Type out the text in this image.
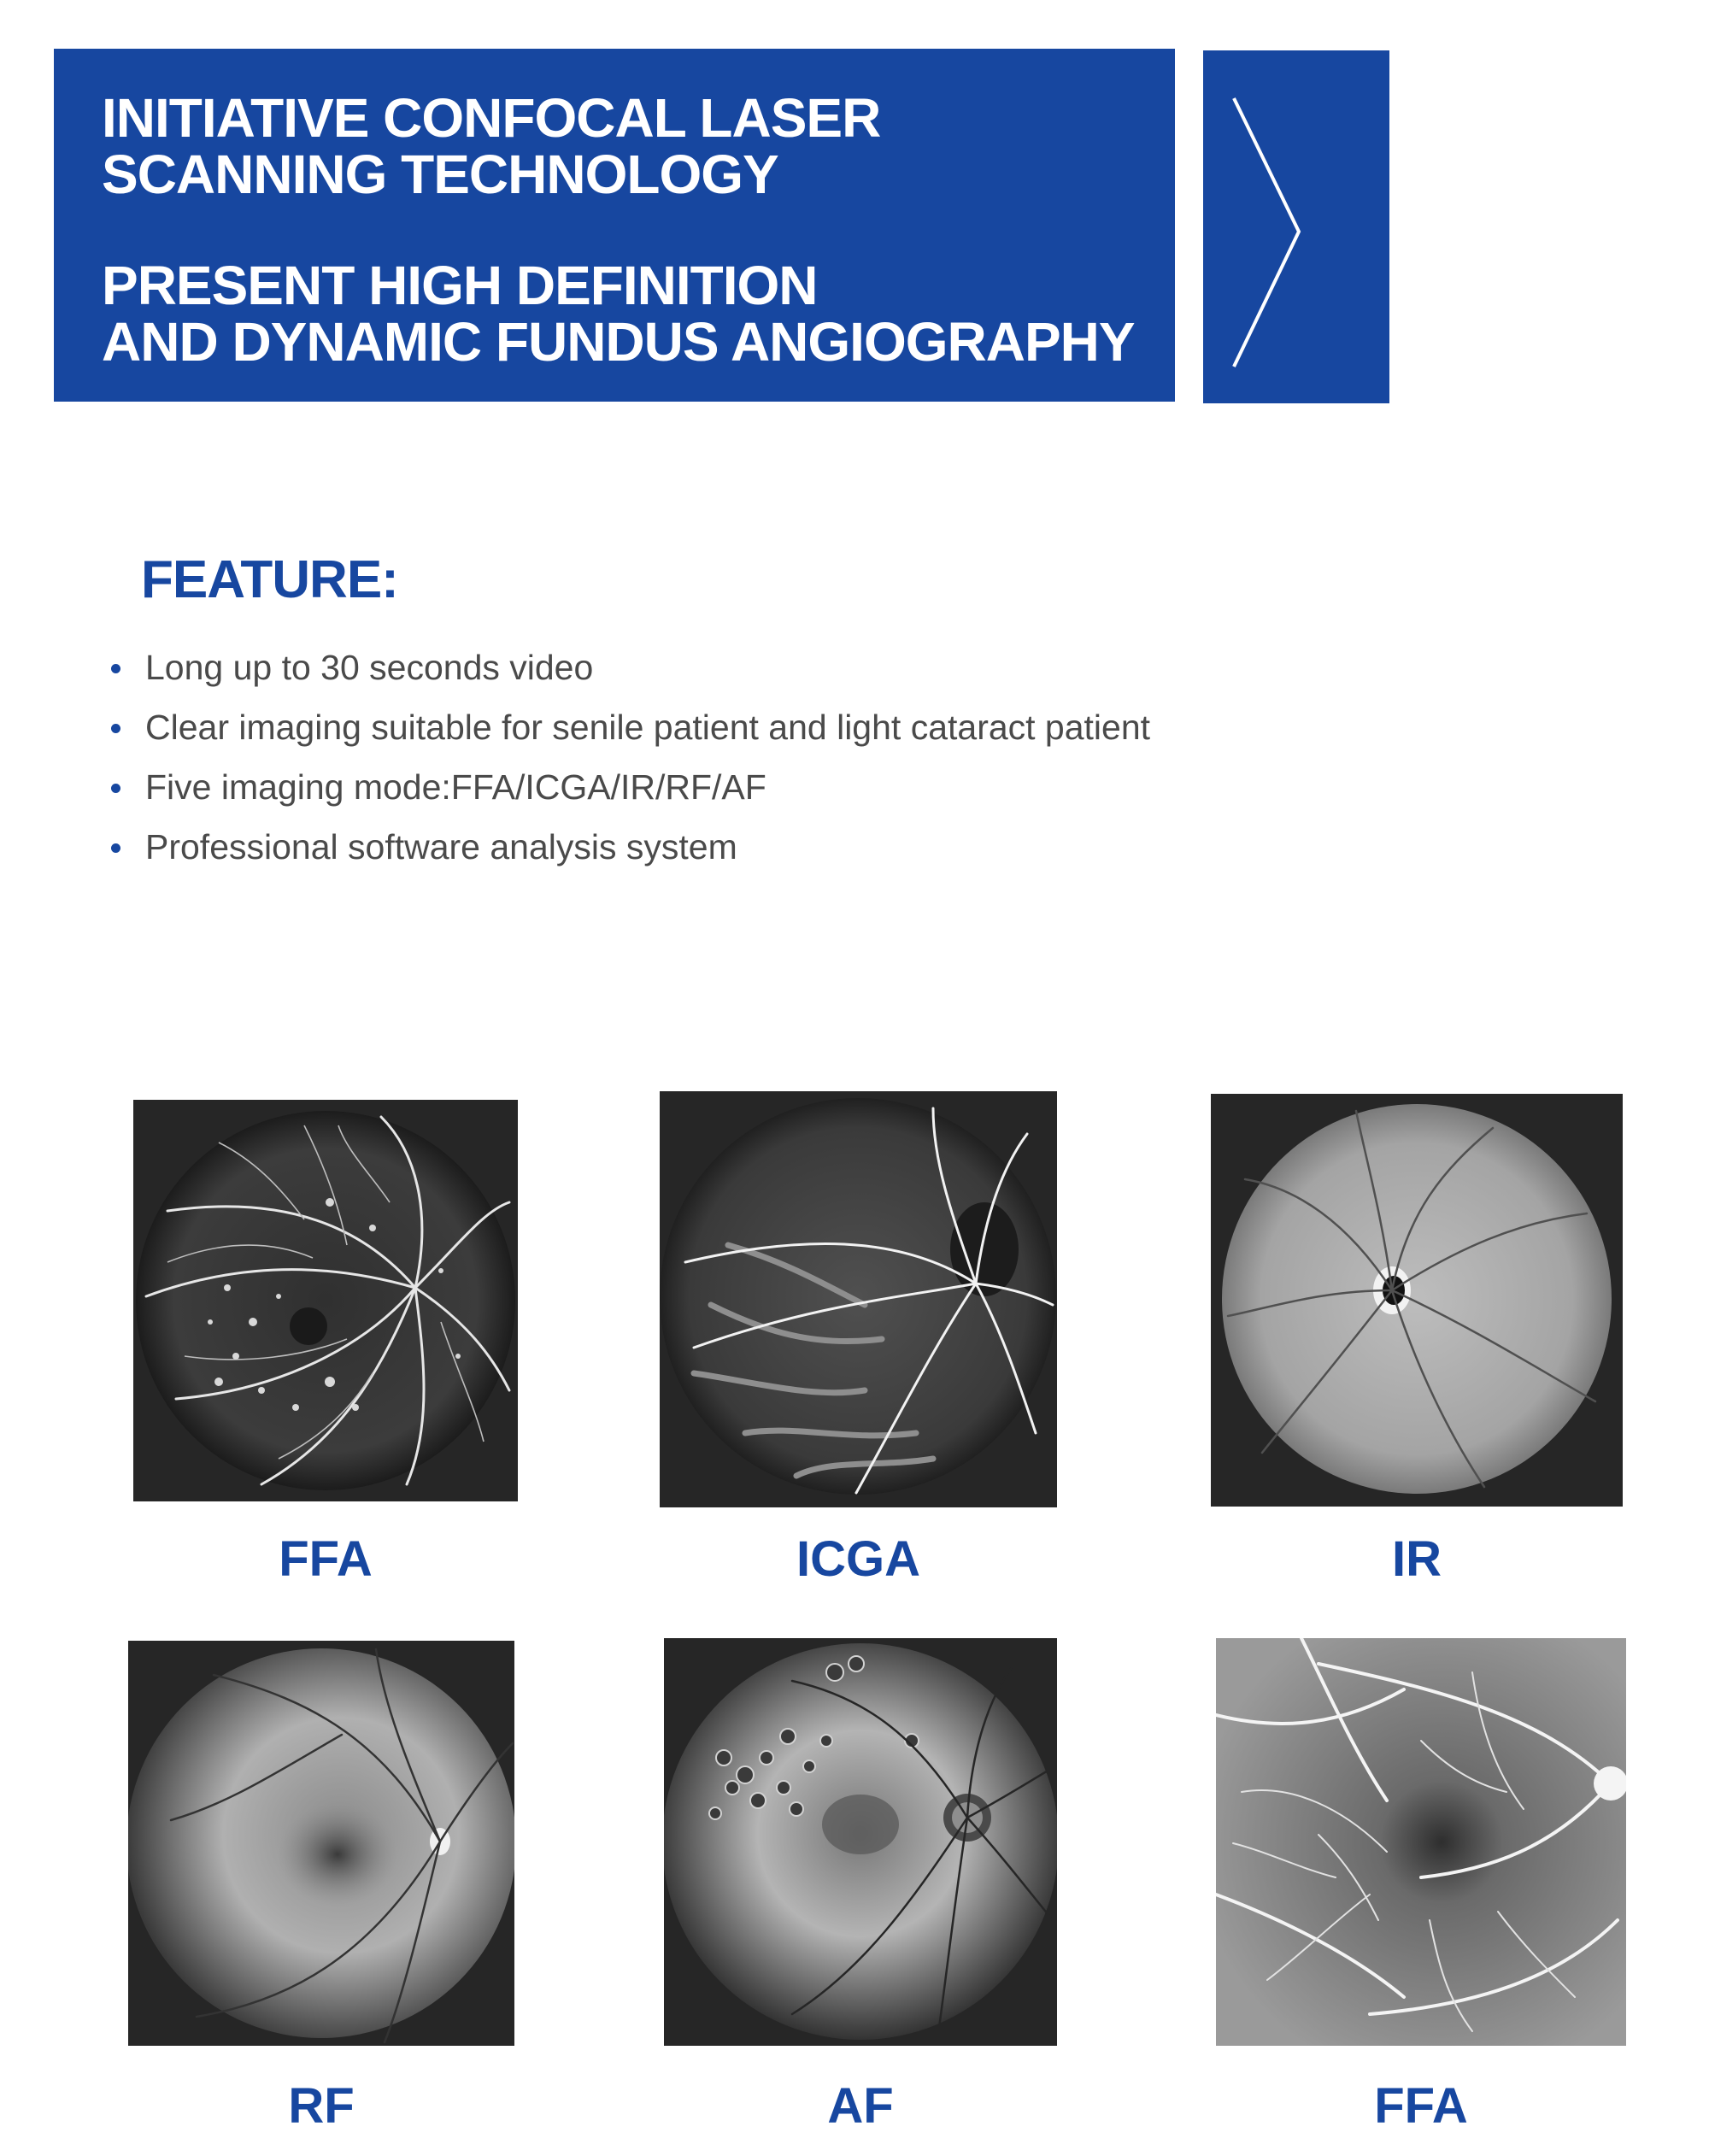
INITIATIVE CONFOCAL LASER
SCANNING TECHNOLOGY
PRESENT HIGH DEFINITION
AND DYNAMIC FUNDUS ANGIOGRAPHY
FEATURE:
Long up to 30 seconds video
Clear imaging suitable for senile patient and light cataract patient
Five imaging mode:FFA/ICGA/IR/RF/AF
Professional software analysis system

FFA	ICGA	IR

RF	AF	FFA
